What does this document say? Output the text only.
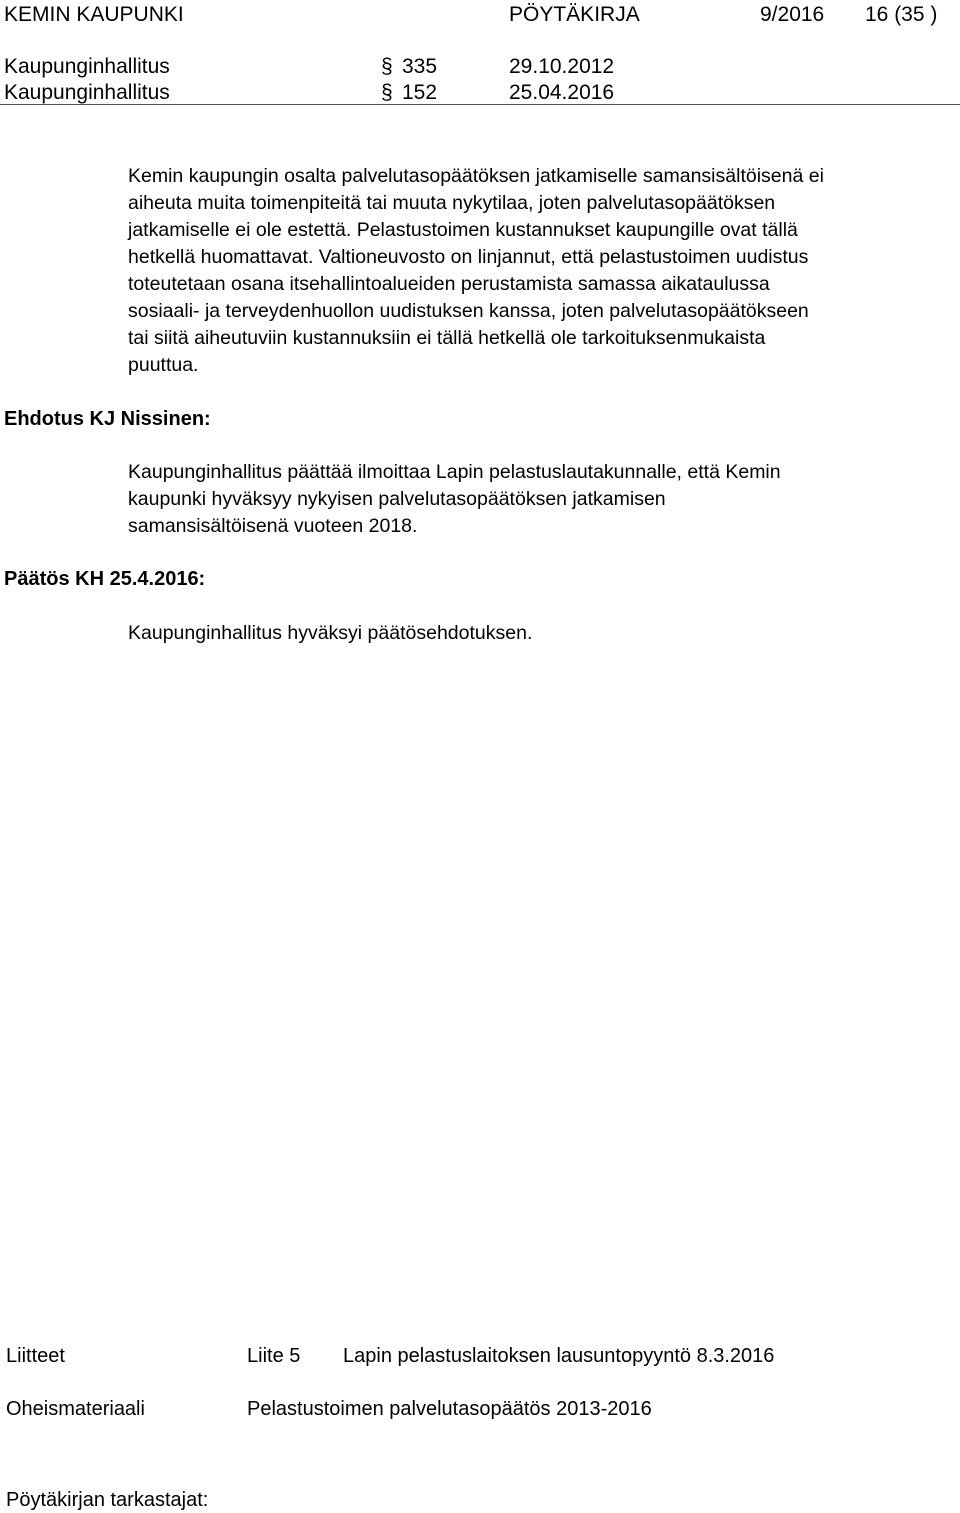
KEMIN KAUPUNKI	PÖYTÄKIRJA	9/2016 16 (35 )
Kaupunginhallitus	§ 335	29.10.2012
Kaupunginhallitus	§ 152	25.04.2016
Kemin kaupungin osalta palvelutasopäätöksen jatkamiselle samansisältöisenä ei
aiheuta muita toimenpiteitä tai muuta nykytilaa, joten palvelutasopäätöksen
jatkamiselle ei ole estettä. Pelastustoimen kustannukset kaupungille ovat tällä
hetkellä huomattavat. Valtioneuvosto on linjannut, että pelastustoimen uudistus
toteutetaan osana itsehallintoalueiden perustamista samassa aikataulussa
sosiaali- ja terveydenhuollon uudistuksen kanssa, joten palvelutasopäätökseen
tai siitä aiheutuviin kustannuksiin ei tällä hetkellä ole tarkoituksenmukaista
puuttua.
Ehdotus KJ Nissinen:
Kaupunginhallitus päättää ilmoittaa Lapin pelastuslautakunnalle, että Kemin
kaupunki hyväksyy nykyisen palvelutasopäätöksen jatkamisen
samansisältöisenä vuoteen 2018.
Päätös KH 25.4.2016:
Kaupunginhallitus hyväksyi päätösehdotuksen.
Liitteet	Liite 5 Lapin pelastuslaitoksen lausuntopyyntö 8.3.2016
Oheismateriaali	Pelastustoimen palvelutasopäätös 2013-2016
Pöytäkirjan tarkastajat:
